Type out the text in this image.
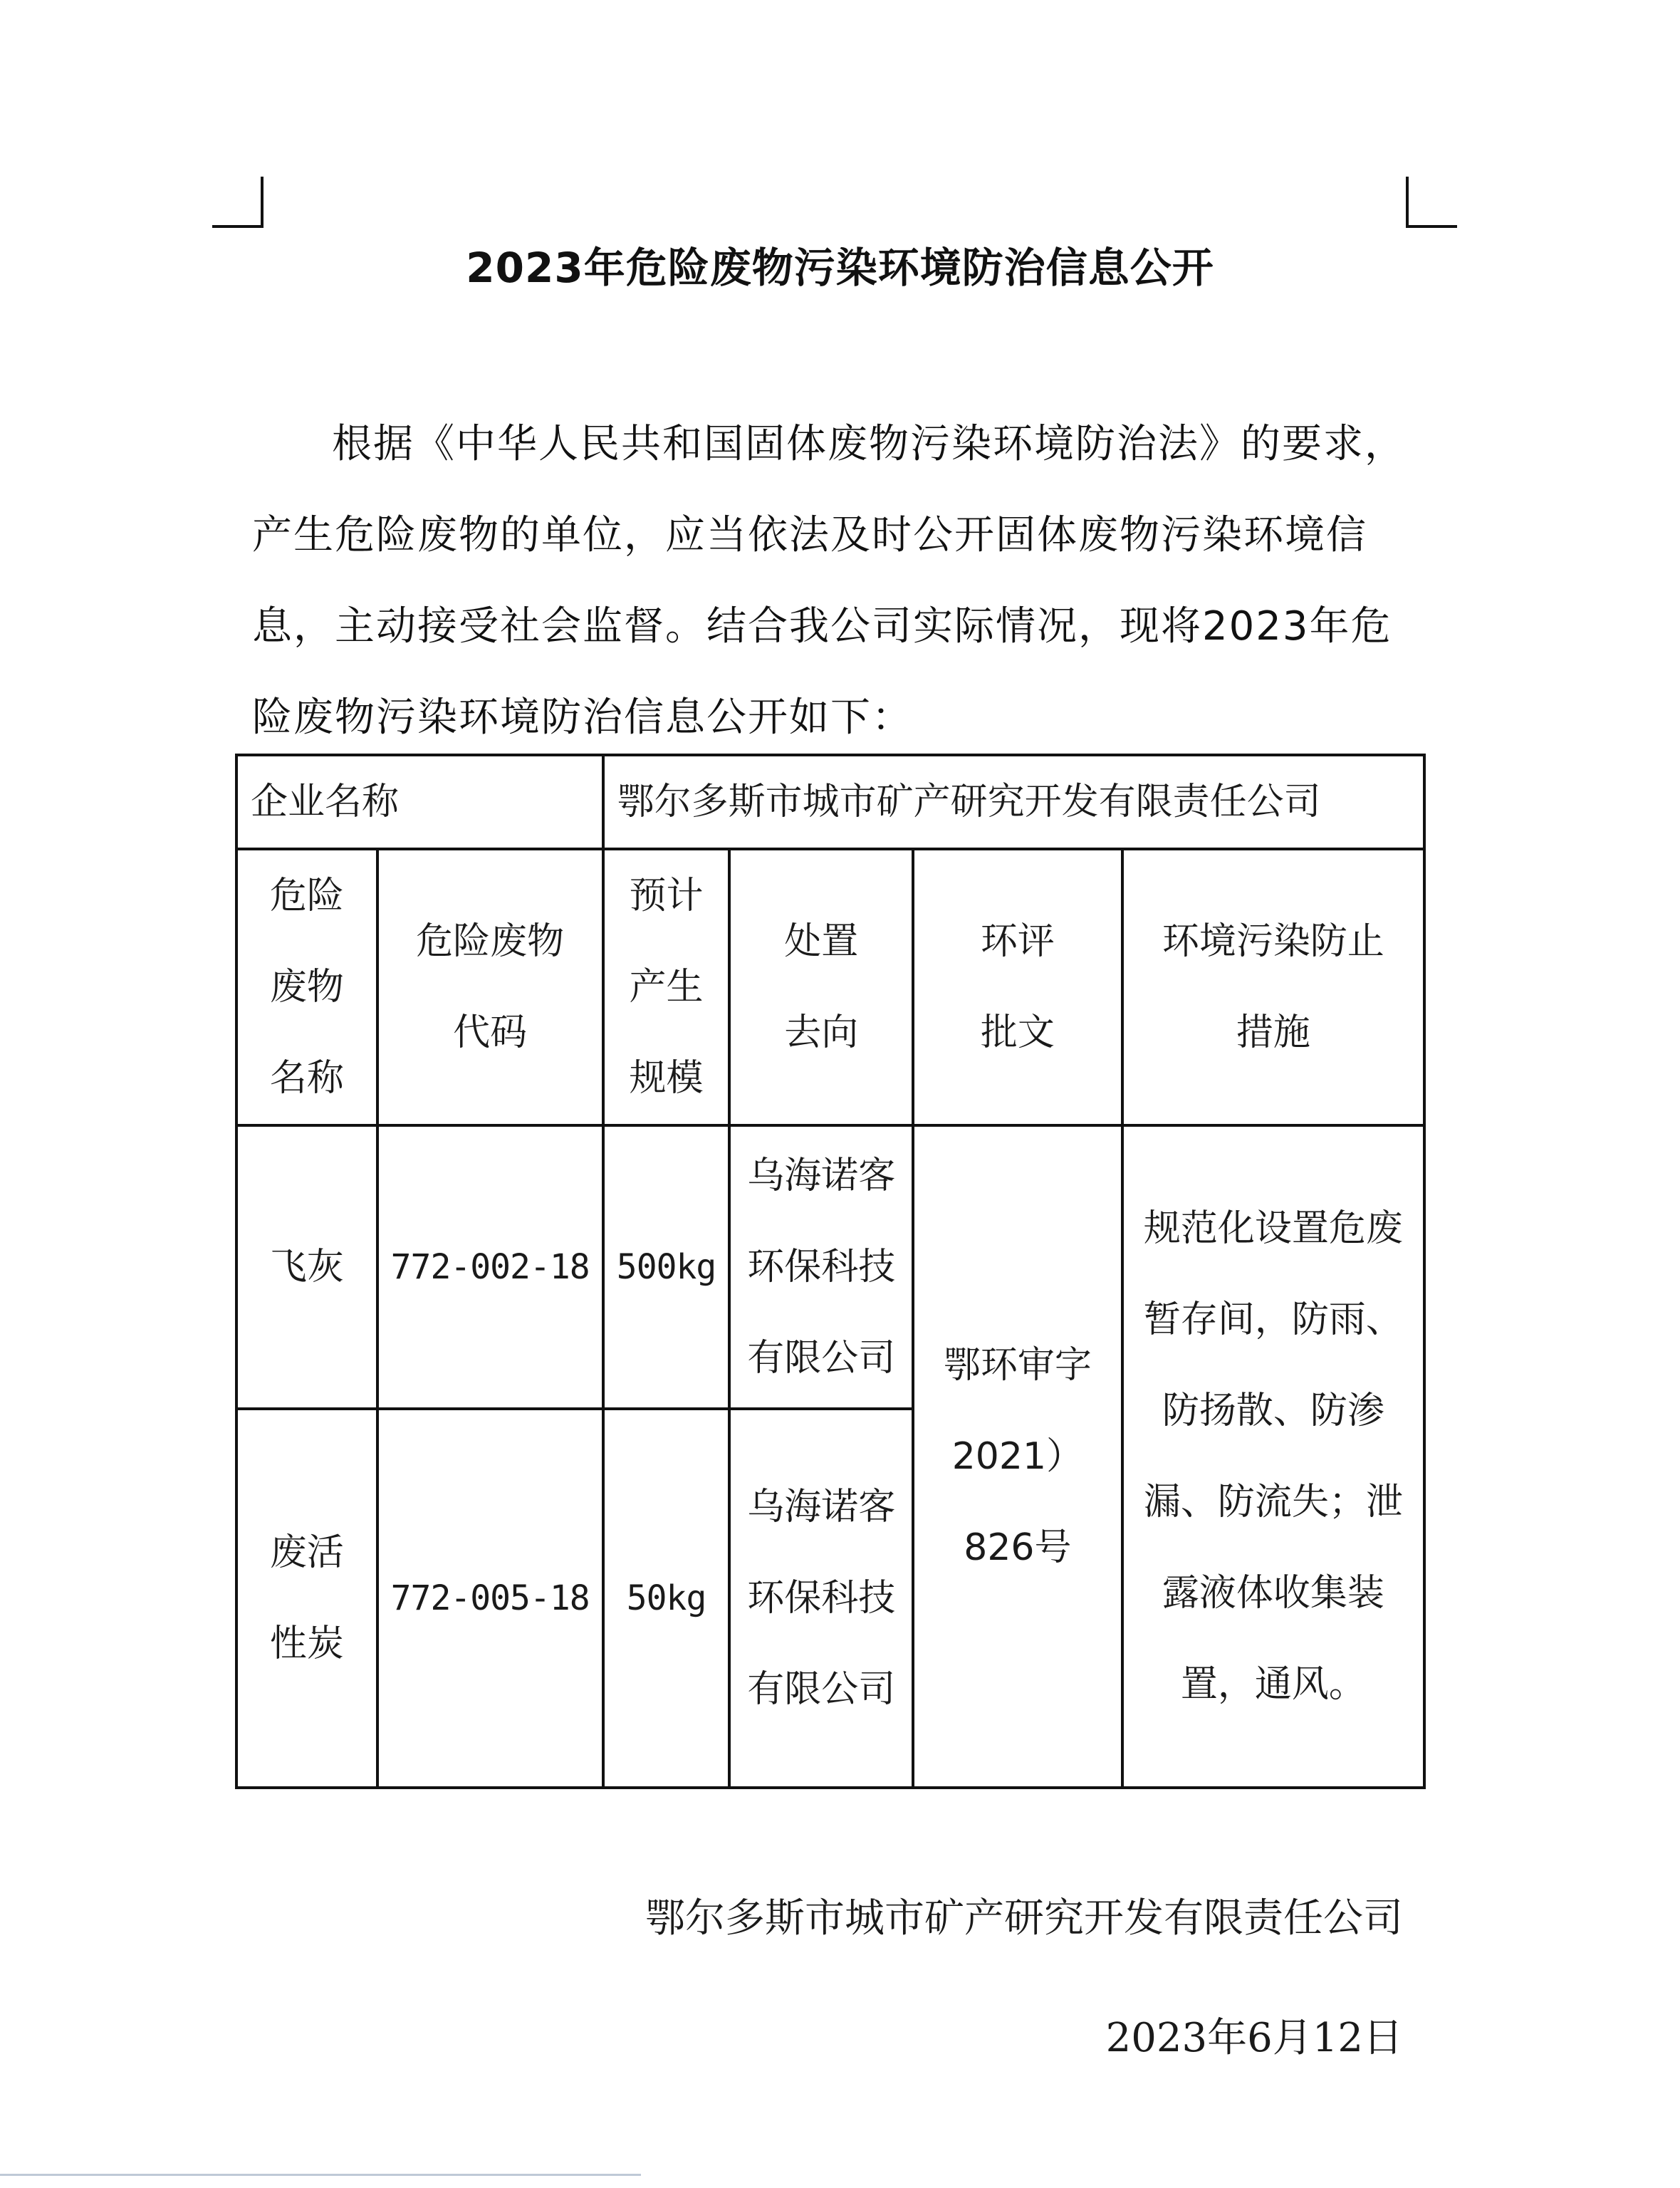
2023年危险废物污染环境防治信息公开

根据《中华人民共和国固体废物污染环境防治法》的要求，产生危险废物的单位，应当依法及时公开固体废物污染环境信息，主动接受社会监督。结合我公司实际情况，现将2023年危险废物污染环境防治信息公开如下：

企业名称		鄂尔多斯市城市矿产研究开发有限责任公司			
危险废物名称	危险废物代码	预计产生规模	处置去向	环评批文	环境污染防止措施
飞灰	772-002-18	500kg	乌海诺客环保科技有限公司	鄂环审字2021）826号	规范化设置危废暂存间，防雨、防扬散、防渗漏、防流失；泄露液体收集装置，通风。
废活性炭	772-005-18	50kg	乌海诺客环保科技有限公司		
鄂尔多斯市城市矿产研究开发有限责任公司
2023年6月12日
